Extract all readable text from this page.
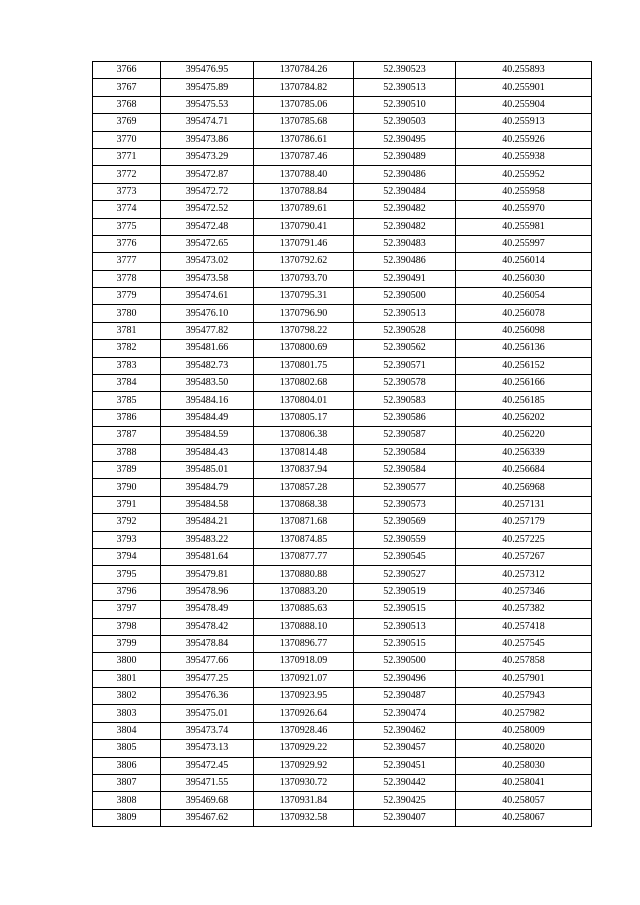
3766	395476.95	1370784.26	52.390523	40.255893
3767	395475.89	1370784.82	52.390513	40.255901
3768	395475.53	1370785.06	52.390510	40.255904
3769	395474.71	1370785.68	52.390503	40.255913
3770	395473.86	1370786.61	52.390495	40.255926
3771	395473.29	1370787.46	52.390489	40.255938
3772	395472.87	1370788.40	52.390486	40.255952
3773	395472.72	1370788.84	52.390484	40.255958
3774	395472.52	1370789.61	52.390482	40.255970
3775	395472.48	1370790.41	52.390482	40.255981
3776	395472.65	1370791.46	52.390483	40.255997
3777	395473.02	1370792.62	52.390486	40.256014
3778	395473.58	1370793.70	52.390491	40.256030
3779	395474.61	1370795.31	52.390500	40.256054
3780	395476.10	1370796.90	52.390513	40.256078
3781	395477.82	1370798.22	52.390528	40.256098
3782	395481.66	1370800.69	52.390562	40.256136
3783	395482.73	1370801.75	52.390571	40.256152
3784	395483.50	1370802.68	52.390578	40.256166
3785	395484.16	1370804.01	52.390583	40.256185
3786	395484.49	1370805.17	52.390586	40.256202
3787	395484.59	1370806.38	52.390587	40.256220
3788	395484.43	1370814.48	52.390584	40.256339
3789	395485.01	1370837.94	52.390584	40.256684
3790	395484.79	1370857.28	52.390577	40.256968
3791	395484.58	1370868.38	52.390573	40.257131
3792	395484.21	1370871.68	52.390569	40.257179
3793	395483.22	1370874.85	52.390559	40.257225
3794	395481.64	1370877.77	52.390545	40.257267
3795	395479.81	1370880.88	52.390527	40.257312
3796	395478.96	1370883.20	52.390519	40.257346
3797	395478.49	1370885.63	52.390515	40.257382
3798	395478.42	1370888.10	52.390513	40.257418
3799	395478.84	1370896.77	52.390515	40.257545
3800	395477.66	1370918.09	52.390500	40.257858
3801	395477.25	1370921.07	52.390496	40.257901
3802	395476.36	1370923.95	52.390487	40.257943
3803	395475.01	1370926.64	52.390474	40.257982
3804	395473.74	1370928.46	52.390462	40.258009
3805	395473.13	1370929.22	52.390457	40.258020
3806	395472.45	1370929.92	52.390451	40.258030
3807	395471.55	1370930.72	52.390442	40.258041
3808	395469.68	1370931.84	52.390425	40.258057
3809	395467.62	1370932.58	52.390407	40.258067
